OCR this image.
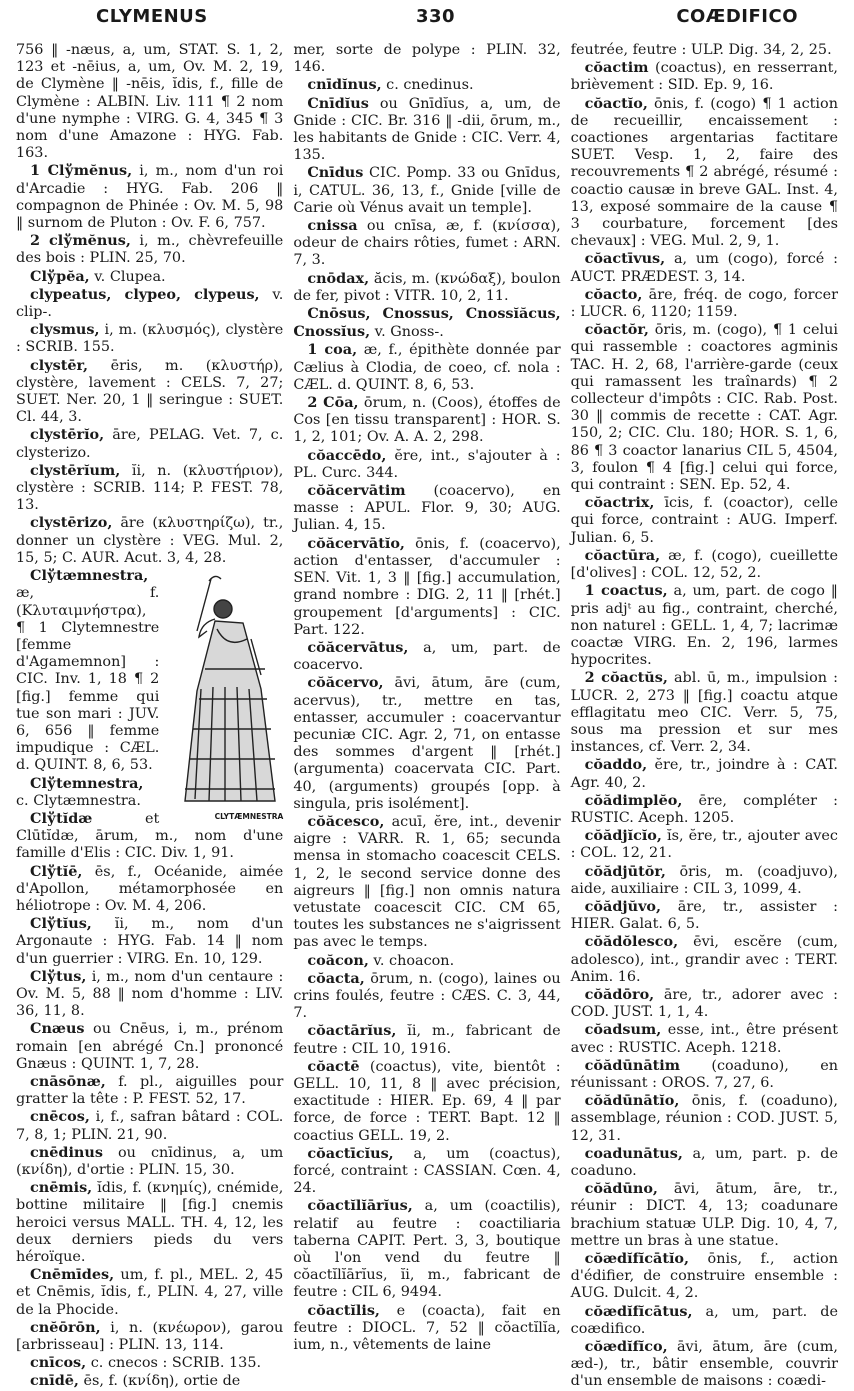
CLYMENUS	330	COÆDIFICO

756 ‖ -næus, a, um, STAT. S. 1, 2, 123 et -nēius, a, um, Ov. M. 2, 19, de Clymène ‖ -nēis, ĭdis, f., fille de Clymène : ALBIN. Liv. 111 ¶ 2 nom d'une nymphe : VIRG. G. 4, 345 ¶ 3 nom d'une Amazone : HYG. Fab. 163.

1 Clўmĕnus, i, m., nom d'un roi d'Arcadie : HYG. Fab. 206 ‖ compagnon de Phinée : Ov. M. 5, 98 ‖ surnom de Pluton : Ov. F. 6, 757.

2 clўmĕnus, i, m., chèvrefeuille des bois : PLIN. 25, 70.

Clўpĕa, v. Clupea.

clypeatus, clypeo, clypeus, v. clip-.

clysmus, i, m. (κλυσμός), clystère : SCRIB. 155.

clystēr, ēris, m. (κλυστήρ), clystère, lavement : CELS. 7, 27; SUET. Ner. 20, 1 ‖ seringue : SUET. Cl. 44, 3.

clystērĭo, āre, PELAG. Vet. 7, c. clysterizo.

clystērĭum, ĭi, n. (κλυστήριον), clystère : SCRIB. 114; P. FEST. 78, 13.

clystērizo, āre (κλυστηρίζω), tr., donner un clystère : VEG. Mul. 2, 15, 5; C. AUR. Acut. 3, 4, 28.

CLYTÆMNESTRA

Clўtæmnestra, æ, f. (Κλυταιμνήστρα), ¶ 1 Clytemnestre [femme d'Agamemnon] : CIC. Inv. 1, 18 ¶ 2 [fig.] femme qui tue son mari : JUV. 6, 656 ‖ femme impudique : CÆL. d. QUINT. 8, 6, 53.

Clўtemnestra, c. Clytæmnestra.

Clўtĭdæ et Clūtĭdæ, ārum, m., nom d'une famille d'Elis : CIC. Div. 1, 91.

Clўtĭē, ēs, f., Océanide, aimée d'Apollon, métamorphosée en héliotrope : Ov. M. 4, 206.

Clўtĭus, ĭi, m., nom d'un Argonaute : HYG. Fab. 14 ‖ nom d'un guerrier : VIRG. En. 10, 129.

Clўtus, i, m., nom d'un centaure : Ov. M. 5, 88 ‖ nom d'homme : LIV. 36, 11, 8.

Cnæus ou Cnēus, i, m., prénom romain [en abrégé Cn.] prononcé Gnæus : QUINT. 1, 7, 28.

cnāsōnæ, f. pl., aiguilles pour gratter la tête : P. FEST. 52, 17.

cnēcos, i, f., safran bâtard : COL. 7, 8, 1; PLIN. 21, 90.

cnēdinus ou cnīdinus, a, um (κνίδη), d'ortie : PLIN. 15, 30.

cnēmis, ĭdis, f. (κνημίς), cnémide, bottine militaire ‖ [fig.] cnemis heroici versus MALL. TH. 4, 12, les deux derniers pieds du vers héroïque.

Cnēmīdes, um, f. pl., MEL. 2, 45 et Cnēmis, ĭdis, f., PLIN. 4, 27, ville de la Phocide.

cnĕōrōn, i, n. (κνέωρον), garou [arbrisseau] : PLIN. 13, 114.

cnīcos, c. cnecos : SCRIB. 135.

cnīdē, ēs, f. (κνίδη), ortie de

mer, sorte de polype : PLIN. 32, 146.

cnīdĭnus, c. cnedinus.

Cnīdĭus ou Gnīdĭus, a, um, de Gnide : CIC. Br. 316 ‖ -dii, ōrum, m., les habitants de Gnide : CIC. Verr. 4, 135.

Cnīdus CIC. Pomp. 33 ou Gnīdus, i, CATUL. 36, 13, f., Gnide [ville de Carie où Vénus avait un temple].

cnissa ou cnīsa, æ, f. (κνίσσα), odeur de chairs rôties, fumet : ARN. 7, 3.

cnōdax, ăcis, m. (κνώδαξ), boulon de fer, pivot : VITR. 10, 2, 11.

Cnōsus, Cnossus, Cnossĭăcus, Cnossĭus, v. Gnoss-.

1 coa, æ, f., épithète donnée par Cælius à Clodia, de coeo, cf. nola : CÆL. d. QUINT. 8, 6, 53.

2 Cōa, ōrum, n. (Coos), étoffes de Cos [en tissu transparent] : HOR. S. 1, 2, 101; Ov. A. A. 2, 298.

cŏaccēdo, ĕre, int., s'ajouter à : PL. Curc. 344.

cŏăcervātim (coacervo), en masse : APUL. Flor. 9, 30; AUG. Julian. 4, 15.

cŏăcervātĭo, ōnis, f. (coacervo), action d'entasser, d'accumuler : SEN. Vit. 1, 3 ‖ [fig.] accumulation, grand nombre : DIG. 2, 11 ‖ [rhét.] groupement [d'arguments] : CIC. Part. 122.

cŏăcervātus, a, um, part. de coacervo.

cŏăcervo, āvi, ātum, āre (cum, acervus), tr., mettre en tas, entasser, accumuler : coacervantur pecuniæ CIC. Agr. 2, 71, on entasse des sommes d'argent ‖ [rhét.] (argumenta) coacervata CIC. Part. 40, (arguments) groupés [opp. à singula, pris isolément].

cŏăcesco, acuī, ĕre, int., devenir aigre : VARR. R. 1, 65; secunda mensa in stomacho coacescit CELS. 1, 2, le second service donne des aigreurs ‖ [fig.] non omnis natura vetustate coacescit CIC. CM 65, toutes les substances ne s'aigrissent pas avec le temps.

coăcon, v. choacon.

cŏacta, ōrum, n. (cogo), laines ou crins foulés, feutre : CÆS. C. 3, 44, 7.

cŏactārĭus, ĭi, m., fabricant de feutre : CIL 10, 1916.

cŏactē (coactus), vite, bientôt : GELL. 10, 11, 8 ‖ avec précision, exactitude : HIER. Ep. 69, 4 ‖ par force, de force : TERT. Bapt. 12 ‖ coactius GELL. 19, 2.

cŏactīcĭus, a, um (coactus), forcé, contraint : CASSIAN. Cœn. 4, 24.

cŏactĭlĭārĭus, a, um (coactilis), relatif au feutre : coactiliaria taberna CAPIT. Pert. 3, 3, boutique où l'on vend du feutre ‖ cŏactĭlĭārĭus, ĭi, m., fabricant de feutre : CIL 6, 9494.

cŏactĭlis, e (coacta), fait en feutre : DIOCL. 7, 52 ‖ cŏactĭlĭa, ium, n., vêtements de laine

feutrée, feutre : ULP. Dig. 34, 2, 25.

cŏactim (coactus), en resserrant, brièvement : SID. Ep. 9, 16.

cŏactĭo, ōnis, f. (cogo) ¶ 1 action de recueillir, encaissement : coactiones argentarias factitare SUET. Vesp. 1, 2, faire des recouvrements ¶ 2 abrégé, résumé : coactio causæ in breve GAL. Inst. 4, 13, exposé sommaire de la cause ¶ 3 courbature, forcement [des chevaux] : VEG. Mul. 2, 9, 1.

cŏactīvus, a, um (cogo), forcé : AUCT. PRÆDEST. 3, 14.

cŏacto, āre, fréq. de cogo, forcer : LUCR. 6, 1120; 1159.

cŏactŏr, ōris, m. (cogo), ¶ 1 celui qui rassemble : coactores agminis TAC. H. 2, 68, l'arrière-garde (ceux qui ramassent les traînards) ¶ 2 collecteur d'impôts : CIC. Rab. Post. 30 ‖ commis de recette : CAT. Agr. 150, 2; CIC. Clu. 180; HOR. S. 1, 6, 86 ¶ 3 coactor lanarius CIL 5, 4504, 3, foulon ¶ 4 [fig.] celui qui force, qui contraint : SEN. Ep. 52, 4.

cŏactrix, īcis, f. (coactor), celle qui force, contraint : AUG. Imperf. Julian. 6, 5.

cŏactūra, æ, f. (cogo), cueillette [d'olives] : COL. 12, 52, 2.

1 coactus, a, um, part. de cogo ‖ pris adjᵗ au fig., contraint, cherché, non naturel : GELL. 1, 4, 7; lacrimæ coactæ VIRG. En. 2, 196, larmes hypocrites.

2 cŏactŭs, abl. ū, m., impulsion : LUCR. 2, 273 ‖ [fig.] coactu atque efflagitatu meo CIC. Verr. 5, 75, sous ma pression et sur mes instances, cf. Verr. 2, 34.

cŏaddo, ĕre, tr., joindre à : CAT. Agr. 40, 2.

cŏădimplĕo, ēre, compléter : RUSTIC. Aceph. 1205.

cŏădjĭcĭo, ĭs, ĕre, tr., ajouter avec : COL. 12, 21.

cŏădjūtŏr, ōris, m. (coadjuvo), aide, auxiliaire : CIL 3, 1099, 4.

cŏădjŭvo, āre, tr., assister : HIER. Galat. 6, 5.

cŏădŏlesco, ēvi, escĕre (cum, adolesco), int., grandir avec : TERT. Anim. 16.

cŏădōro, āre, tr., adorer avec : COD. JUST. 1, 1, 4.

cŏadsum, esse, int., être présent avec : RUSTIC. Aceph. 1218.

cŏădūnātim (coaduno), en réunissant : OROS. 7, 27, 6.

cŏădūnātĭo, ōnis, f. (coaduno), assemblage, réunion : COD. JUST. 5, 12, 31.

coadunātus, a, um, part. p. de coaduno.

cŏădūno, āvi, ātum, āre, tr., réunir : DICT. 4, 13; coadunare brachium statuæ ULP. Dig. 10, 4, 7, mettre un bras à une statue.

cŏædĭfĭcātĭo, ōnis, f., action d'édifier, de construire ensemble : AUG. Dulcit. 4, 2.

cŏædĭfĭcātus, a, um, part. de coædifico.

cŏædĭfĭco, āvi, ātum, āre (cum, æd-), tr., bâtir ensemble, couvrir d'un ensemble de maisons : coædi-
